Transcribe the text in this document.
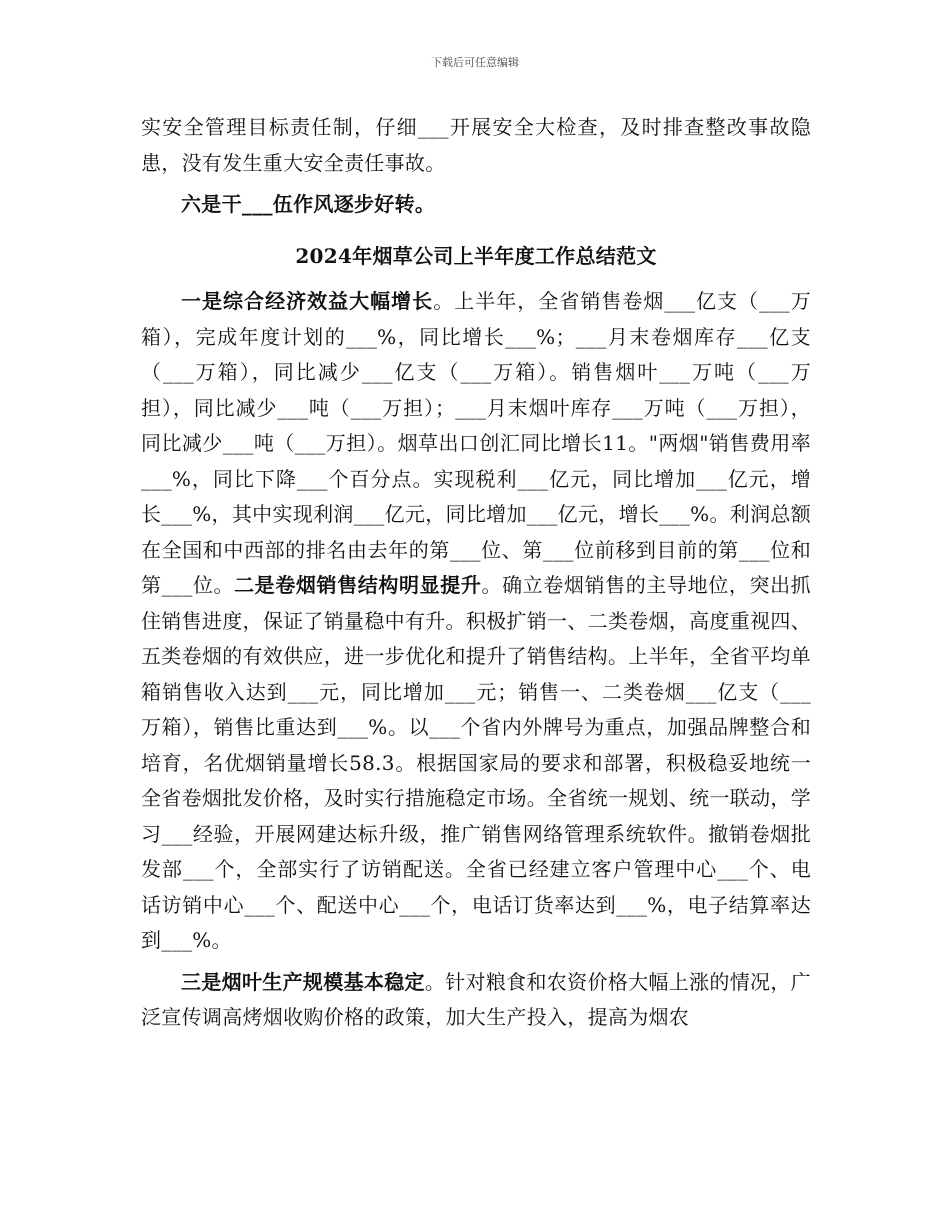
下载后可任意编辑

实安全管理目标责任制，仔细___开展安全大检查，及时排查整改事故隐患，没有发生重大安全责任事故。

六是干___伍作风逐步好转。

2024年烟草公司上半年度工作总结范文

一是综合经济效益大幅增长。上半年，全省销售卷烟___亿支（___万箱），完成年度计划的___%，同比增长___%；___月末卷烟库存___亿支（___万箱），同比减少___亿支（___万箱）。销售烟叶___万吨（___万担），同比减少___吨（___万担）；___月末烟叶库存___万吨（___万担），同比减少___吨（___万担）。烟草出口创汇同比增长11。"两烟"销售费用率___%，同比下降___个百分点。实现税利___亿元，同比增加___亿元，增长___%，其中实现利润___亿元，同比增加___亿元，增长___%。利润总额在全国和中西部的排名由去年的第___位、第___位前移到目前的第___位和第___位。二是卷烟销售结构明显提升。确立卷烟销售的主导地位，突出抓住销售进度，保证了销量稳中有升。积极扩销一、二类卷烟，高度重视四、五类卷烟的有效供应，进一步优化和提升了销售结构。上半年，全省平均单箱销售收入达到___元，同比增加___元；销售一、二类卷烟___亿支（___万箱），销售比重达到___%。以___个省内外牌号为重点，加强品牌整合和培育，名优烟销量增长58.3。根据国家局的要求和部署，积极稳妥地统一全省卷烟批发价格，及时实行措施稳定市场。全省统一规划、统一联动，学习___经验，开展网建达标升级，推广销售网络管理系统软件。撤销卷烟批发部___个，全部实行了访销配送。全省已经建立客户管理中心___个、电话访销中心___个、配送中心___个，电话订货率达到___%，电子结算率达到___%。

三是烟叶生产规模基本稳定。针对粮食和农资价格大幅上涨的情况，广泛宣传调高烤烟收购价格的政策，加大生产投入，提高为烟农
